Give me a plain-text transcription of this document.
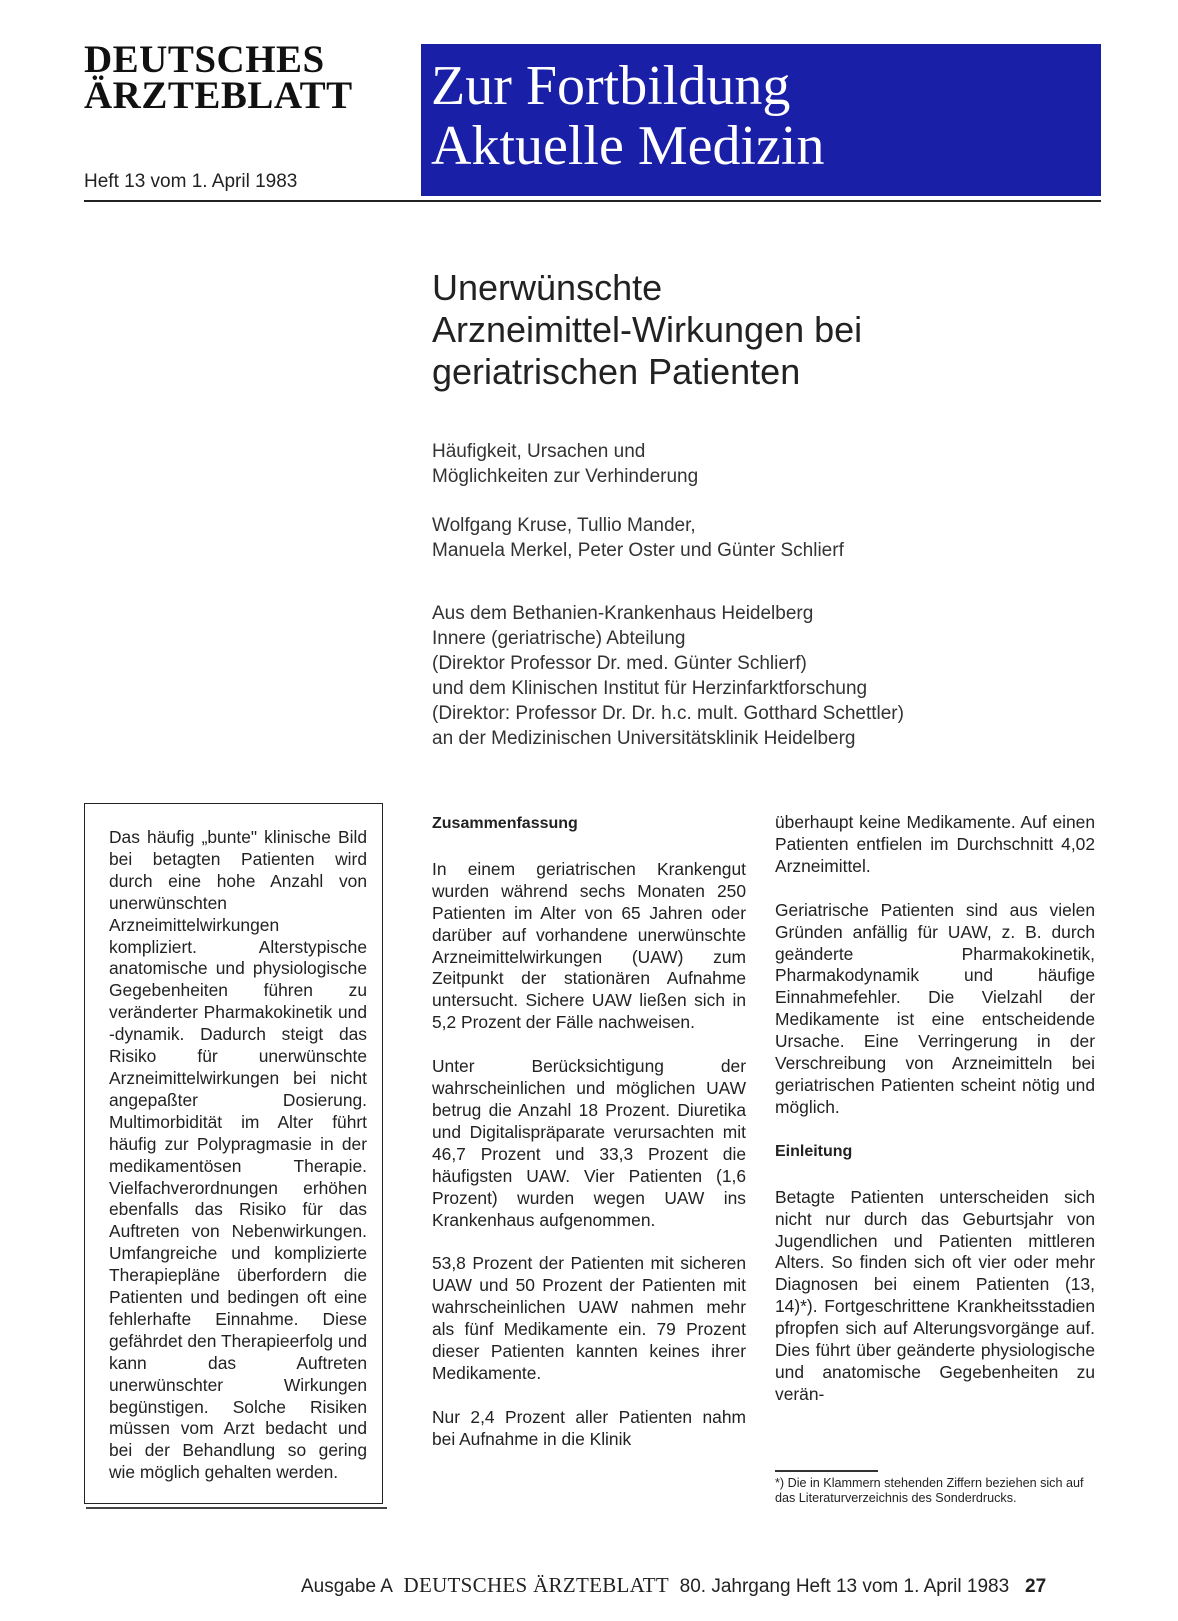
DEUTSCHES
ÄRZTEBLATT
Heft 13 vom 1. April 1983
Zur Fortbildung
Aktuelle Medizin
Unerwünschte
Arzneimittel-Wirkungen bei
geriatrischen Patienten
Häufigkeit, Ursachen und
Möglichkeiten zur Verhinderung
Wolfgang Kruse, Tullio Mander,
Manuela Merkel, Peter Oster und Günter Schlierf
Aus dem Bethanien-Krankenhaus Heidelberg
Innere (geriatrische) Abteilung
(Direktor Professor Dr. med. Günter Schlierf)
und dem Klinischen Institut für Herzinfarktforschung
(Direktor: Professor Dr. Dr. h.c. mult. Gotthard Schettler)
an der Medizinischen Universitätsklinik Heidelberg
Das häufig „bunte" klinische Bild bei betagten Patienten wird durch eine hohe Anzahl von unerwünschten Arzneimittelwirkungen kompliziert. Alterstypische anatomische und physiologische Gegebenheiten führen zu veränderter Pharmakokinetik und -dynamik. Dadurch steigt das Risiko für unerwünschte Arzneimittelwirkungen bei nicht angepaßter Dosierung. Multimorbidität im Alter führt häufig zur Polypragmasie in der medikamentösen Therapie. Vielfachverordnungen erhöhen ebenfalls das Risiko für das Auftreten von Nebenwirkungen. Umfangreiche und komplizierte Therapiepläne überfordern die Patienten und bedingen oft eine fehlerhafte Einnahme. Diese gefährdet den Therapieerfolg und kann das Auftreten unerwünschter Wirkungen begünstigen. Solche Risiken müssen vom Arzt bedacht und bei der Behandlung so gering wie möglich gehalten werden.
Zusammenfassung

In einem geriatrischen Krankengut wurden während sechs Monaten 250 Patienten im Alter von 65 Jahren oder darüber auf vorhandene unerwünschte Arzneimittelwirkungen (UAW) zum Zeitpunkt der stationären Aufnahme untersucht. Sichere UAW ließen sich in 5,2 Prozent der Fälle nachweisen.

Unter Berücksichtigung der wahrscheinlichen und möglichen UAW betrug die Anzahl 18 Prozent. Diuretika und Digitalispräparate verursachten mit 46,7 Prozent und 33,3 Prozent die häufigsten UAW. Vier Patienten (1,6 Prozent) wurden wegen UAW ins Krankenhaus aufgenommen.

53,8 Prozent der Patienten mit sicheren UAW und 50 Prozent der Patienten mit wahrscheinlichen UAW nahmen mehr als fünf Medikamente ein. 79 Prozent dieser Patienten kannten keines ihrer Medikamente.

Nur 2,4 Prozent aller Patienten nahm bei Aufnahme in die Klinik

überhaupt keine Medikamente. Auf einen Patienten entfielen im Durchschnitt 4,02 Arzneimittel.

Geriatrische Patienten sind aus vielen Gründen anfällig für UAW, z. B. durch geänderte Pharmakokinetik, Pharmakodynamik und häufige Einnahmefehler. Die Vielzahl der Medikamente ist eine entscheidende Ursache. Eine Verringerung in der Verschreibung von Arzneimitteln bei geriatrischen Patienten scheint nötig und möglich.

Einleitung

Betagte Patienten unterscheiden sich nicht nur durch das Geburtsjahr von Jugendlichen und Patienten mittleren Alters. So finden sich oft vier oder mehr Diagnosen bei einem Patienten (13, 14)*). Fortgeschrittene Krankheitsstadien pfropfen sich auf Alterungsvorgänge auf. Dies führt über geänderte physiologische und anatomische Gegebenheiten zu verän-

*) Die in Klammern stehenden Ziffern beziehen sich auf das Literaturverzeichnis des Sonderdrucks.
Ausgabe A DEUTSCHES ÄRZTEBLATT 80. Jahrgang Heft 13 vom 1. April 1983 27
